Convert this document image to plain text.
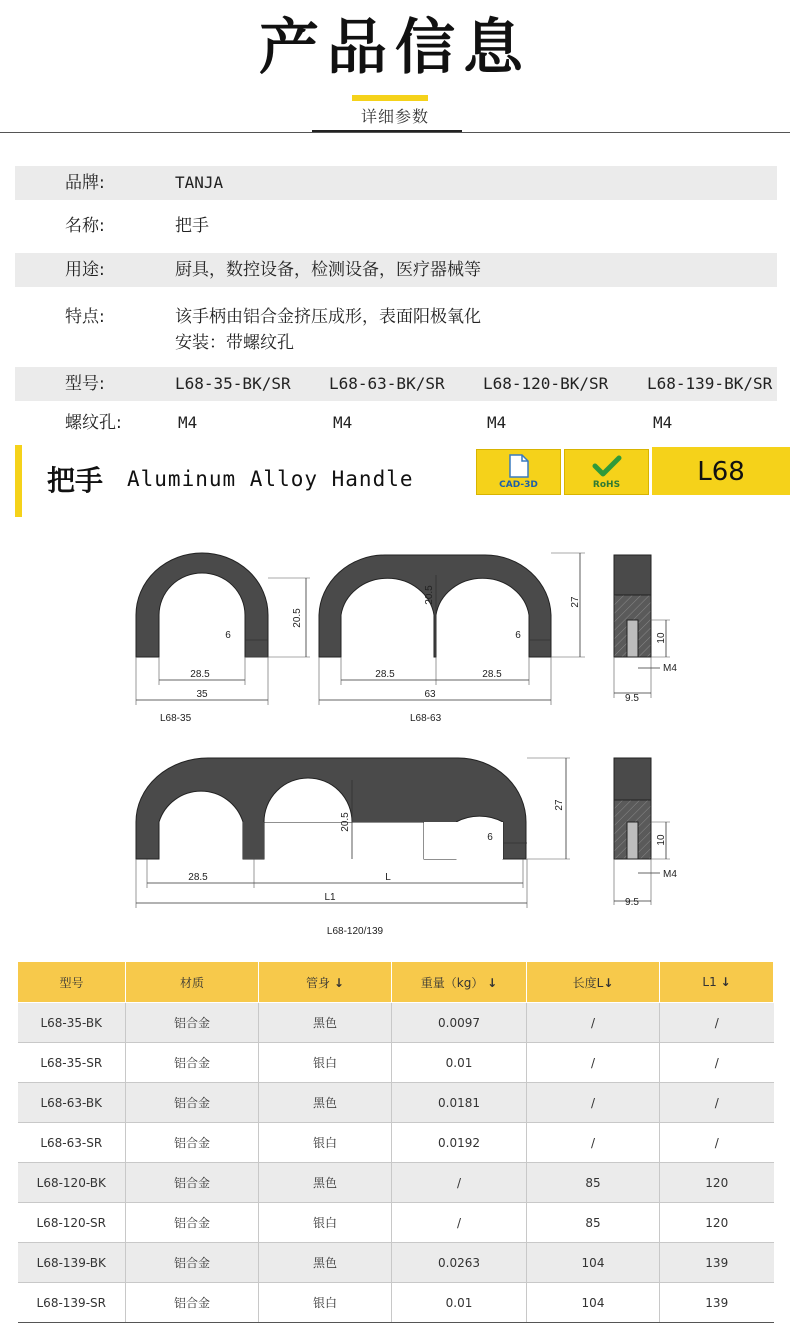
产品信息
详细参数
品牌:	TANJA
名称:	把手
用途:	厨具，数控设备，检测设备，医疗器械等
特点:	该手柄由铝合金挤压成形，表面阳极氧化
安装：带螺纹孔
型号:	L68-35-BK/SR L68-63-BK/SR L68-120-BK/SR L68-139-BK/SR
螺纹孔:	M4	M4	M4	M4
把手 Aluminum Alloy Handle	CAD-3D	RoHS	L68
28.5
35
6
20.5
L68-35
28.5	28.5
63
6
20.5	27
L68-63
10
M4
9.5
28.5	L
L1
6
20.5
27
L68-120/139
10
M4
9.5
型号	材质	管身 ↓	重量（kg） ↓	长度L↓	L1 ↓
L68-35-BK	铝合金	黑色	0.0097	/	/
L68-35-SR	铝合金	银白	0.01	/	/
L68-63-BK	铝合金	黑色	0.0181	/	/
L68-63-SR	铝合金	银白	0.0192	/	/
L68-120-BK	铝合金	黑色	/	85	120
L68-120-SR	铝合金	银白	/	85	120
L68-139-BK	铝合金	黑色	0.0263	104	139
L68-139-SR	铝合金	银白	0.01	104	139
